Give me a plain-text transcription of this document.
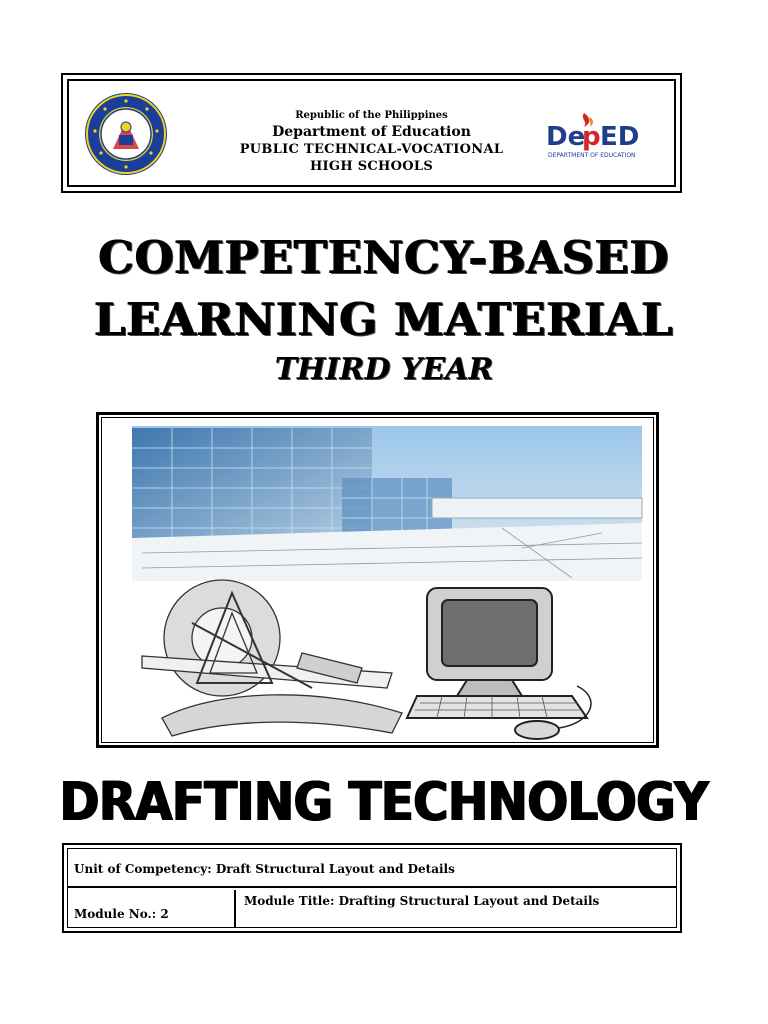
Republic of the Philippines
Department of Education
PUBLIC TECHNICAL-VOCATIONAL
HIGH SCHOOLS
De
p ED
DEPARTMENT OF EDUCATION
COMPETENCY-BASED
LEARNING MATERIAL
THIRD YEAR
DRAFTING TECHNOLOGY
Unit of Competency: Draft Structural Layout and Details
Module No.: 2
Module Title: Drafting Structural Layout and Details
